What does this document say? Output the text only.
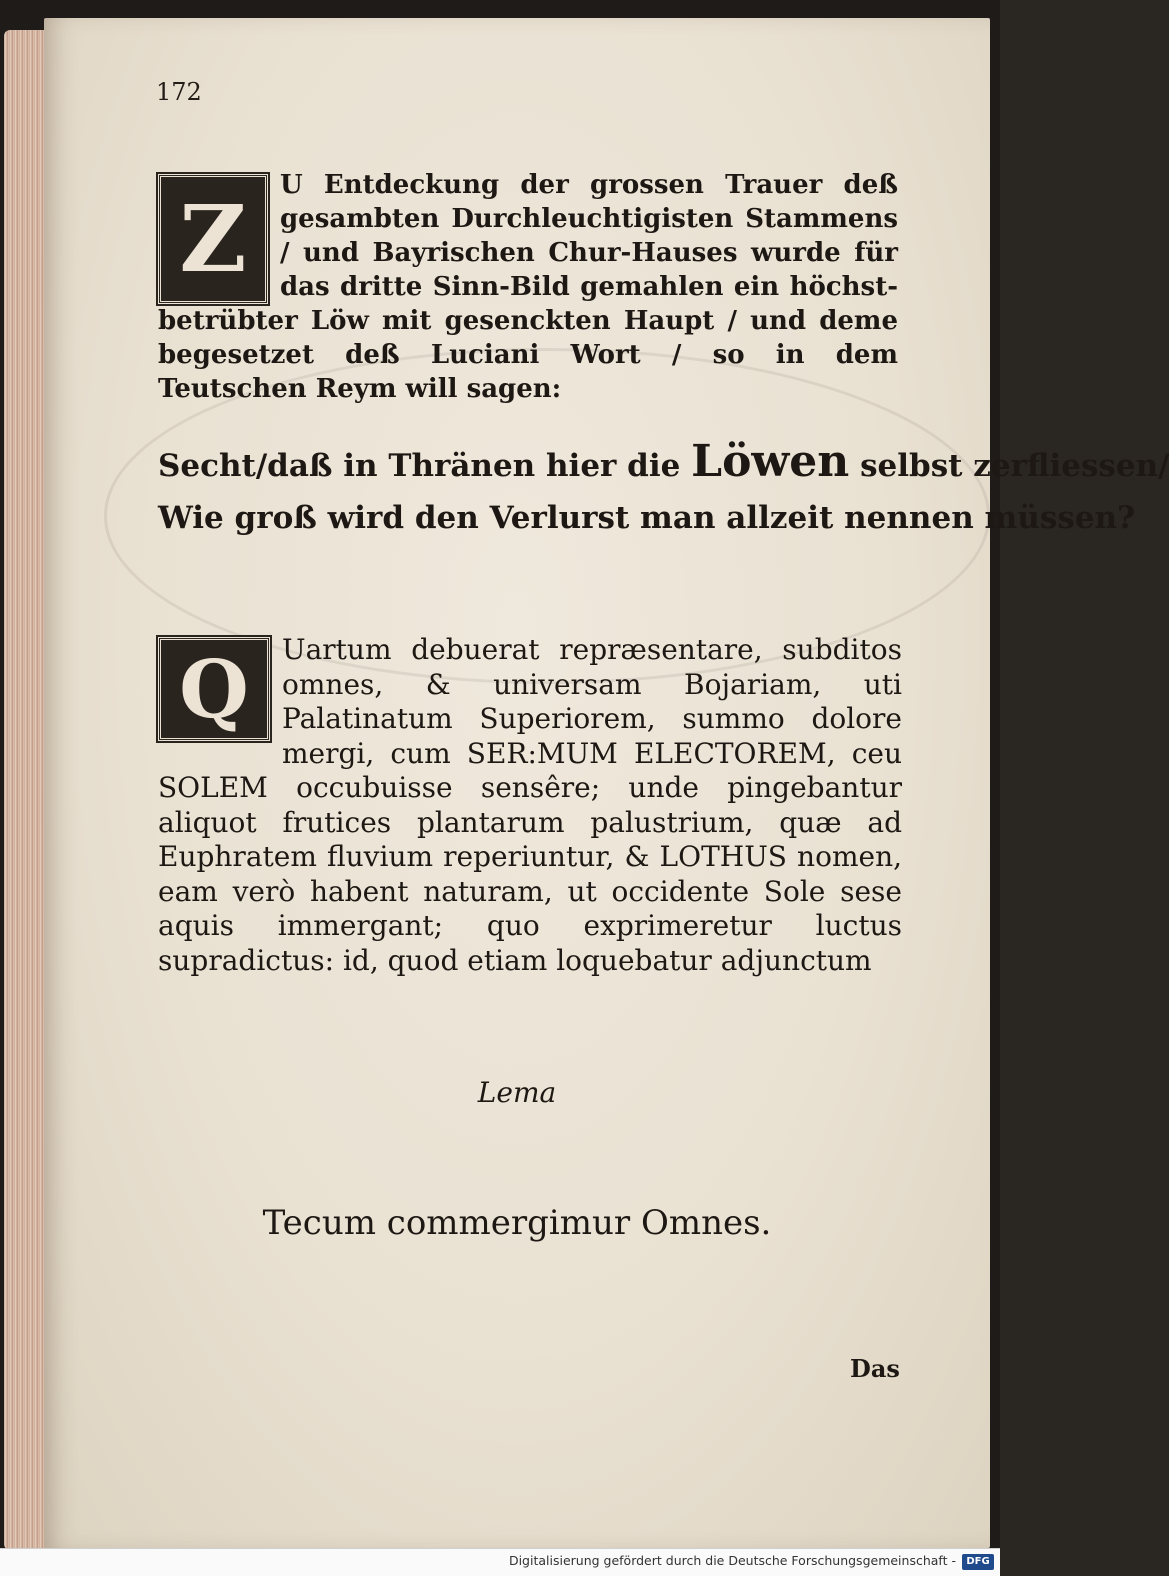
172
Z	U Entdeckung der grossen Trauer deß gesambten Durchleuchtigisten Stammens / und Bayrischen Chur-Hauses wurde für das dritte Sinn-Bild gemahlen ein höchst-betrübter Löw mit gesenckten Haupt / und deme begesetzet deß Luciani Wort / so in dem Teutschen Reym will sagen:
Secht/daß in Thränen hier die Löwen selbst zerfliessen/
Wie groß wird den Verlurst man allzeit nennen müssen?
Q	Uartum debuerat repræsentare, subditos omnes, & universam Bojariam, uti Palatinatum Superiorem, summo dolore mergi, cum SER:MUM ELECTOREM, ceu SOLEM occubuisse sensêre; unde pingebantur aliquot frutices plantarum palustrium, quæ ad Euphratem fluvium reperiuntur, & LOTHUS nomen, eam verò habent naturam, ut occidente Sole sese aquis immergant; quo exprimeretur luctus supradictus: id, quod etiam loquebatur adjunctum
Lema
Tecum commergimur Omnes.
Das
Digitalisierung gefördert durch die Deutsche Forschungsgemeinschaft -	DFG
